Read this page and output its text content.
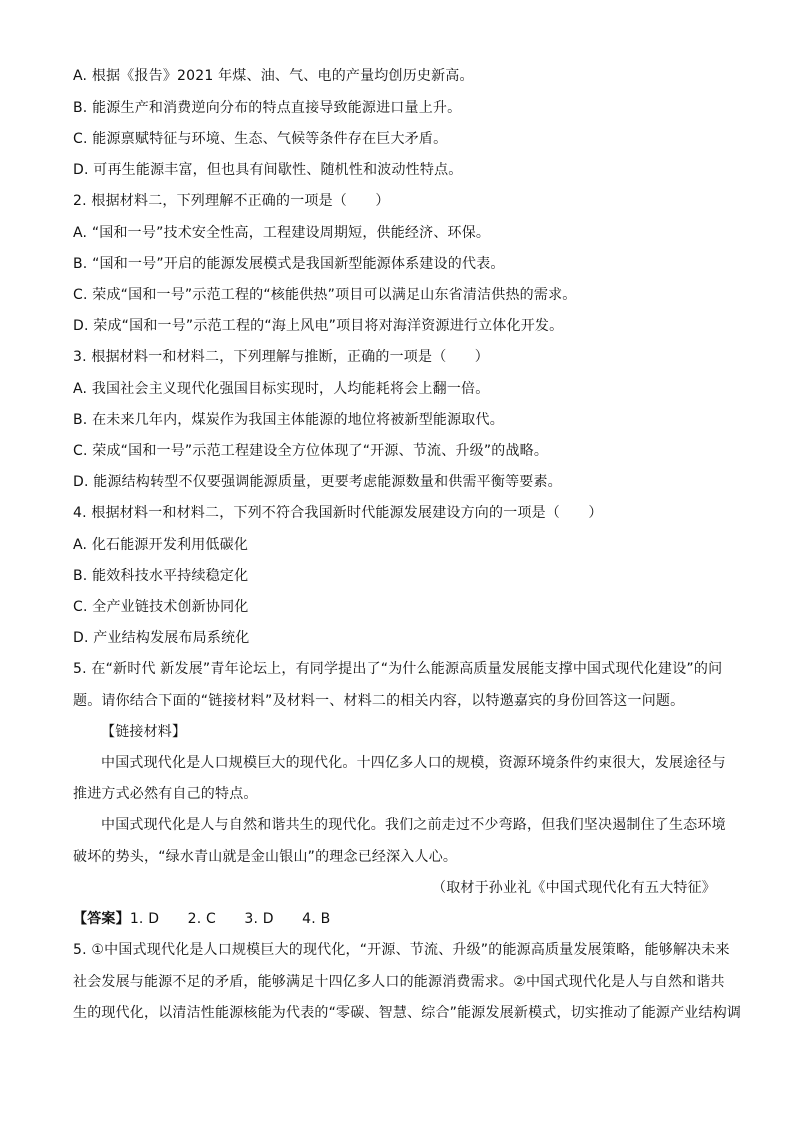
A. 根据《报告》2021 年煤、油、气、电的产量均创历史新高。
B. 能源生产和消费逆向分布的特点直接导致能源进口量上升。
C. 能源禀赋特征与环境、生态、气候等条件存在巨大矛盾。
D. 可再生能源丰富，但也具有间歇性、随机性和波动性特点。
2. 根据材料二，下列理解不正确的一项是（　　）
A. “国和一号”技术安全性高，工程建设周期短，供能经济、环保。
B. “国和一号”开启的能源发展模式是我国新型能源体系建设的代表。
C. 荣成“国和一号”示范工程的“核能供热”项目可以满足山东省清洁供热的需求。
D. 荣成“国和一号”示范工程的“海上风电”项目将对海洋资源进行立体化开发。
3. 根据材料一和材料二，下列理解与推断，正确的一项是（　　）
A. 我国社会主义现代化强国目标实现时，人均能耗将会上翻一倍。
B. 在未来几年内，煤炭作为我国主体能源的地位将被新型能源取代。
C. 荣成“国和一号”示范工程建设全方位体现了“开源、节流、升级”的战略。
D. 能源结构转型不仅要强调能源质量，更要考虑能源数量和供需平衡等要素。
4. 根据材料一和材料二，下列不符合我国新时代能源发展建设方向的一项是（　　）
A. 化石能源开发利用低碳化
B. 能效科技水平持续稳定化
C. 全产业链技术创新协同化
D. 产业结构发展布局系统化
5. 在“新时代 新发展”青年论坛上，有同学提出了“为什么能源高质量发展能支撑中国式现代化建设”的问
题。请你结合下面的“链接材料”及材料一、材料二的相关内容，以特邀嘉宾的身份回答这一问题。
【链接材料】
中国式现代化是人口规模巨大的现代化。十四亿多人口的规模，资源环境条件约束很大，发展途径与
推进方式必然有自己的特点。
中国式现代化是人与自然和谐共生的现代化。我们之前走过不少弯路，但我们坚决遏制住了生态环境
破坏的势头，“绿水青山就是金山银山”的理念已经深入人心。
（取材于孙业礼《中国式现代化有五大特征》
【答案】1. D　　2. C　　3. D　　4. B
5. ①中国式现代化是人口规模巨大的现代化，“开源、节流、升级”的能源高质量发展策略，能够解决未来
社会发展与能源不足的矛盾，能够满足十四亿多人口的能源消费需求。②中国式现代化是人与自然和谐共
生的现代化，以清洁性能源核能为代表的“零碳、智慧、综合”能源发展新模式，切实推动了能源产业结构调
